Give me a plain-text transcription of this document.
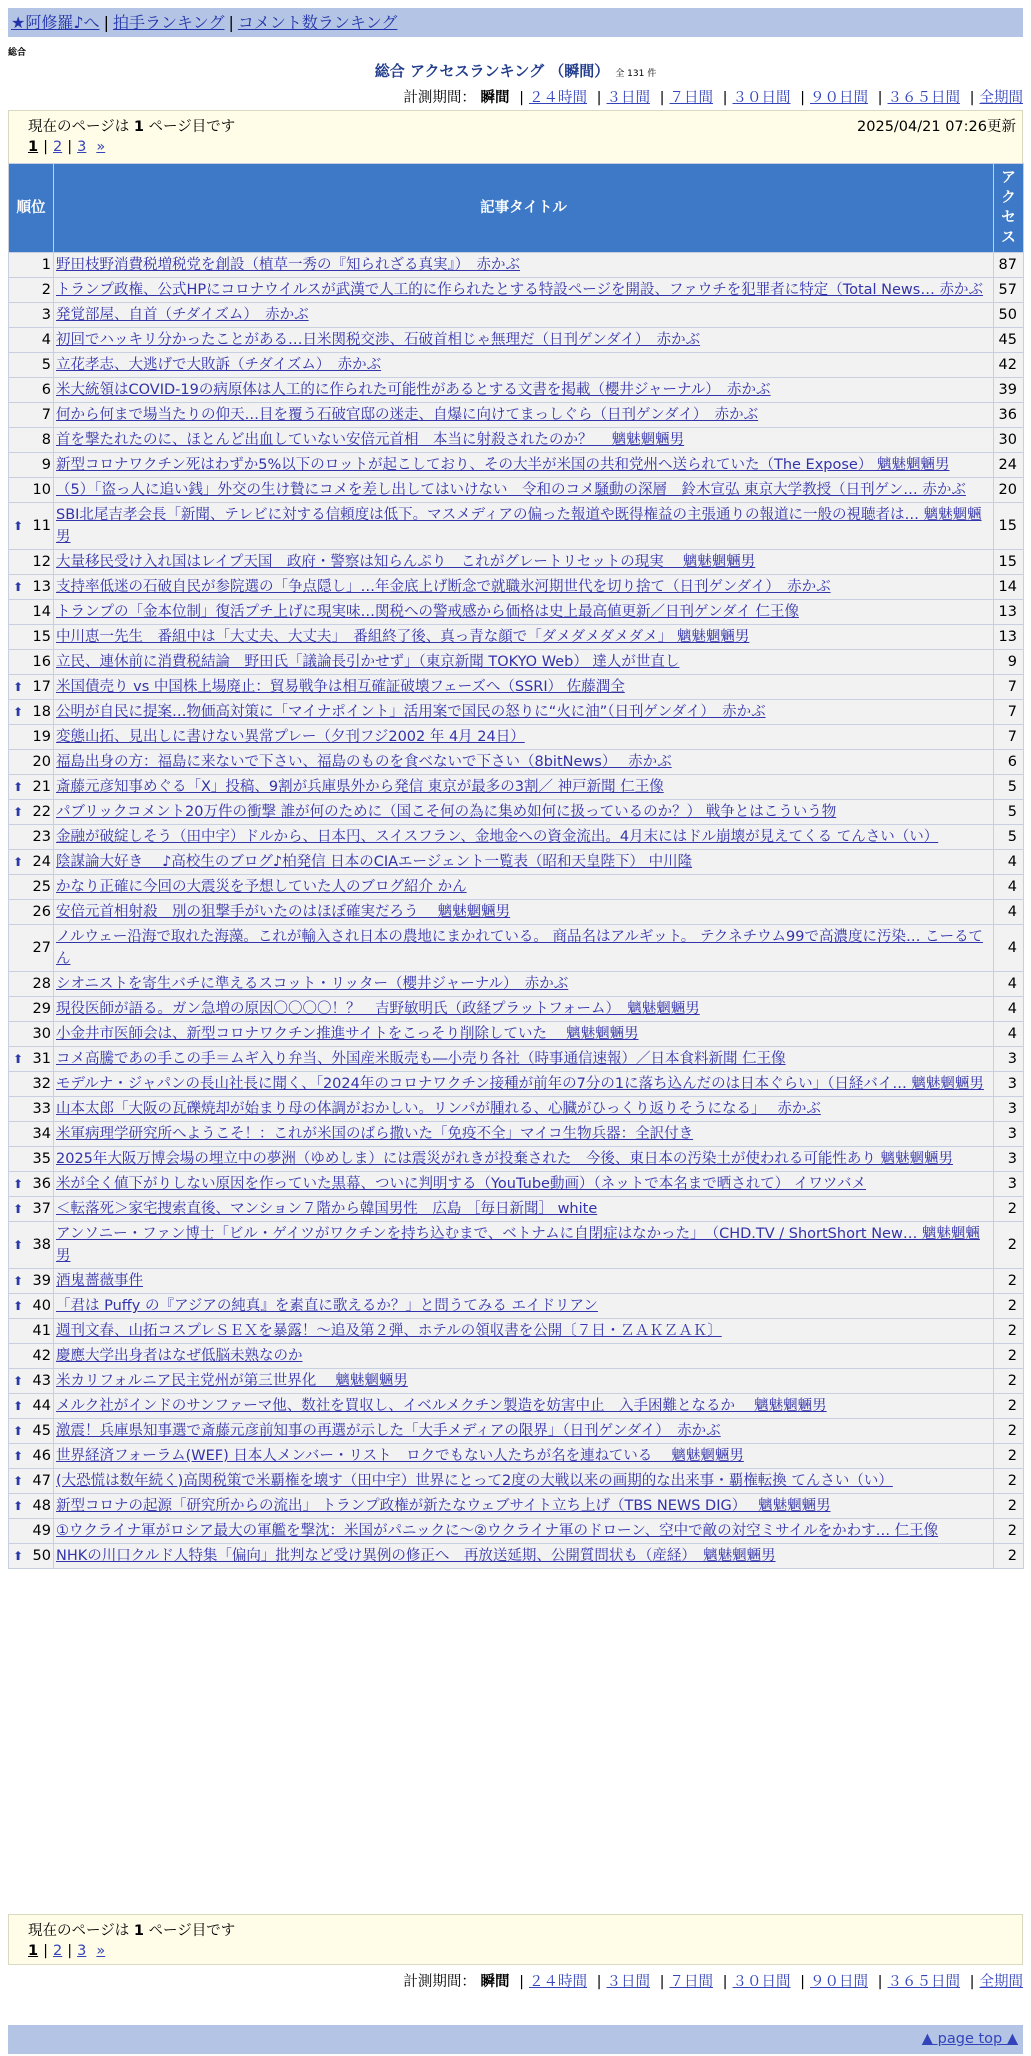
★阿修羅♪へ | 拍手ランキング | コメント数ランキング
総合
総合 アクセスランキング （瞬間） 全 131 件
計測期間： 瞬間 | ２４時間 | ３日間 | ７日間 | ３０日間 | ９０日間 | ３６５日間 | 全期間
現在のページは 1 ページ目です	2025/04/21 07:26更新
1 | 2 | 3 »
順位	記事タイトル	アクセス
1	野田枝野消費税増税党を創設（植草一秀の『知られざる真実』）　赤かぶ	87
2	トランプ政権、公式HPにコロナウイルスが武漢で人工的に作られたとする特設ページを開設、ファウチを犯罪者に特定（Total News… 赤かぶ	57
3	発覚部屋、自首（チダイズム）　赤かぶ	50
4	初回でハッキリ分かったことがある…日米関税交渉、石破首相じゃ無理だ（日刊ゲンダイ）　赤かぶ	45
5	立花孝志、大逃げで大敗訴（チダイズム）　赤かぶ	42
6	米大統領はCOVID-19の病原体は人工的に作られた可能性があるとする文書を掲載（櫻井ジャーナル）　赤かぶ	39
7	何から何まで場当たりの仰天…目を覆う石破官邸の迷走、自爆に向けてまっしぐら（日刊ゲンダイ）　赤かぶ	36
8	首を撃たれたのに、ほとんど出血していない安倍元首相　本当に射殺されたのか？　 魑魅魍魎男	30
9	新型コロナワクチン死はわずか5%以下のロットが起こしており、その大半が米国の共和党州へ送られていた（The Expose） 魑魅魍魎男	24
10	（5）「盗っ人に追い銭」外交の生け贄にコメを差し出してはいけない　令和のコメ騒動の深層　鈴木宣弘 東京大学教授（日刊ゲン… 赤かぶ	20

⬆ 11	SBI北尾吉孝会長「新聞、テレビに対する信頼度は低下。マスメディアの偏った報道や既得権益の主張通りの報道に一般の視聴者は… 魑魅魍魎男	15
12	大量移民受け入れ国はレイプ天国　政府・警察は知らんぷり　これがグレートリセットの現実　 魑魅魍魎男	15

⬆ 13	支持率低迷の石破自民が参院選の「争点隠し」…年金底上げ断念で就職氷河期世代を切り捨て（日刊ゲンダイ）　赤かぶ	14
14	トランプの「金本位制」復活プチ上げに現実味…関税への警戒感から価格は史上最高値更新／日刊ゲンダイ 仁王像	13
15	中川恵一先生　番組中は「大丈夫、大丈夫」　番組終了後、真っ青な顔で「ダメダメダメダメ」 魑魅魍魎男	13
16	立民、連休前に消費税結論　野田氏「議論長引かせず」（東京新聞 TOKYO Web） 達人が世直し	9

⬆ 17	米国債売り vs 中国株上場廃止：貿易戦争は相互確証破壊フェーズへ（SSRI） 佐藤潤全	7

⬆ 18	公明が自民に提案…物価高対策に「マイナポイント」活用案で国民の怒りに“火に油”（日刊ゲンダイ）　赤かぶ	7
19	変態山拓、見出しに書けない異常プレー（夕刊フジ2002 年 4月 24日）	7
20	福島出身の方：福島に来ないで下さい、福島のものを食べないで下さい（8bitNews）　 赤かぶ	6

⬆ 21	斎藤元彦知事めぐる「X」投稿、9割が兵庫県外から発信 東京が最多の3割／ 神戸新聞 仁王像	5

⬆ 22	パブリックコメント20万件の衝撃 誰が何のために（国こそ何の為に集め如何に扱っているのか？） 戦争とはこういう物	5
23	金融が破綻しそう（田中宇）ドルから、日本円、スイスフラン、金地金への資金流出。4月末にはドル崩壊が見えてくる てんさい（い）	5

⬆ 24	陰謀論大好き ＿♪高校生のブログ♪柏発信 日本のCIAエージェント一覧表（昭和天皇陛下） 中川隆	4
25	かなり正確に今回の大震災を予想していた人のブログ紹介 かん	4
26	安倍元首相射殺　別の狙撃手がいたのはほぼ確実だろう　 魑魅魍魎男	4
27	ノルウェー沿海で取れた海藻。これが輸入され日本の農地にまかれている。 商品名はアルギット。 テクネチウム99で高濃度に汚染… こーるてん	4
28	シオニストを寄生バチに準えるスコット・リッター（櫻井ジャーナル）　赤かぶ	4
29	現役医師が語る。ガン急増の原因〇〇〇〇！？　吉野敏明氏（政経プラットフォーム）　魑魅魍魎男	4
30	小金井市医師会は、新型コロナワクチン推進サイトをこっそり削除していた　 魑魅魍魎男	4

⬆ 31	コメ高騰であの手この手＝ムギ入り弁当、外国産米販売も―小売り各社（時事通信速報）／日本食料新聞 仁王像	3
32	モデルナ・ジャパンの長山社長に聞く、「2024年のコロナワクチン接種が前年の7分の1に落ち込んだのは日本ぐらい」（日経バイ… 魑魅魍魎男	3
33	山本太郎「大阪の瓦礫焼却が始まり母の体調がおかしい。リンパが腫れる、心臓がひっくり返りそうになる」　 赤かぶ	3
34	米軍病理学研究所へようこそ！：これが米国のばら撒いた「免疫不全」マイコ生物兵器：全訳付き	3
35	2025年大阪万博会場の埋立中の夢洲（ゆめしま）には震災がれきが投棄された　今後、東日本の汚染土が使われる可能性あり 魑魅魍魎男	3

⬆ 36	米が全く値下がりしない原因を作っていた黒幕、ついに判明する（YouTube動画）（ネットで本名まで晒されて） イワツバメ	3

⬆ 37	＜転落死＞家宅捜索直後、マンション７階から韓国男性　広島 ［毎日新聞］ white	2

⬆ 38	アンソニー・ファン博士「ビル・ゲイツがワクチンを持ち込むまで、ベトナムに自閉症はなかった」　（CHD.TV / ShortShort New… 魑魅魍魎男	2

⬆ 39	酒鬼薔薇事件	2

⬆ 40	「君は Puffy の『アジアの純真』を素直に歌えるか？」と問うてみる エイドリアン	2
41	週刊文春、山拓コスプレＳＥＸを暴露！～追及第２弾、ホテルの領収書を公開〔７日・ＺＡＫＺＡＫ〕	2
42	慶應大学出身者はなぜ低脳未熟なのか	2

⬆ 43	米カリフォルニア民主党州が第三世界化　 魑魅魍魎男	2

⬆ 44	メルク社がインドのサンファーマ他、数社を買収し、イベルメクチン製造を妨害中止　入手困難となるか　 魑魅魍魎男	2

⬆ 45	激震！兵庫県知事選で斎藤元彦前知事の再選が示した「大手メディアの限界」（日刊ゲンダイ）　赤かぶ	2

⬆ 46	世界経済フォーラム(WEF) 日本人メンバー・リスト　ロクでもない人たちが名を連ねている　 魑魅魍魎男	2

⬆ 47	(大恐慌は数年続く)高関税策で米覇権を壊す（田中宇）世界にとって2度の大戦以来の画期的な出来事・覇権転換 てんさい（い）	2

⬆ 48	新型コロナの起源「研究所からの流出」 トランプ政権が新たなウェブサイト立ち上げ（TBS NEWS DIG）　 魑魅魍魎男	2
49	①ウクライナ軍がロシア最大の軍艦を撃沈：米国がパニックに～②ウクライナ軍のドローン、空中で敵の対空ミサイルをかわす… 仁王像	2

⬆ 50	NHKの川口クルド人特集「偏向」批判など受け異例の修正へ　再放送延期、公開質問状も（産経）　魑魅魍魎男	2
現在のページは 1 ページ目です
1 | 2 | 3 »
計測期間： 瞬間 | ２４時間 | ３日間 | ７日間 | ３０日間 | ９０日間 | ３６５日間 | 全期間
▲ page top ▲
